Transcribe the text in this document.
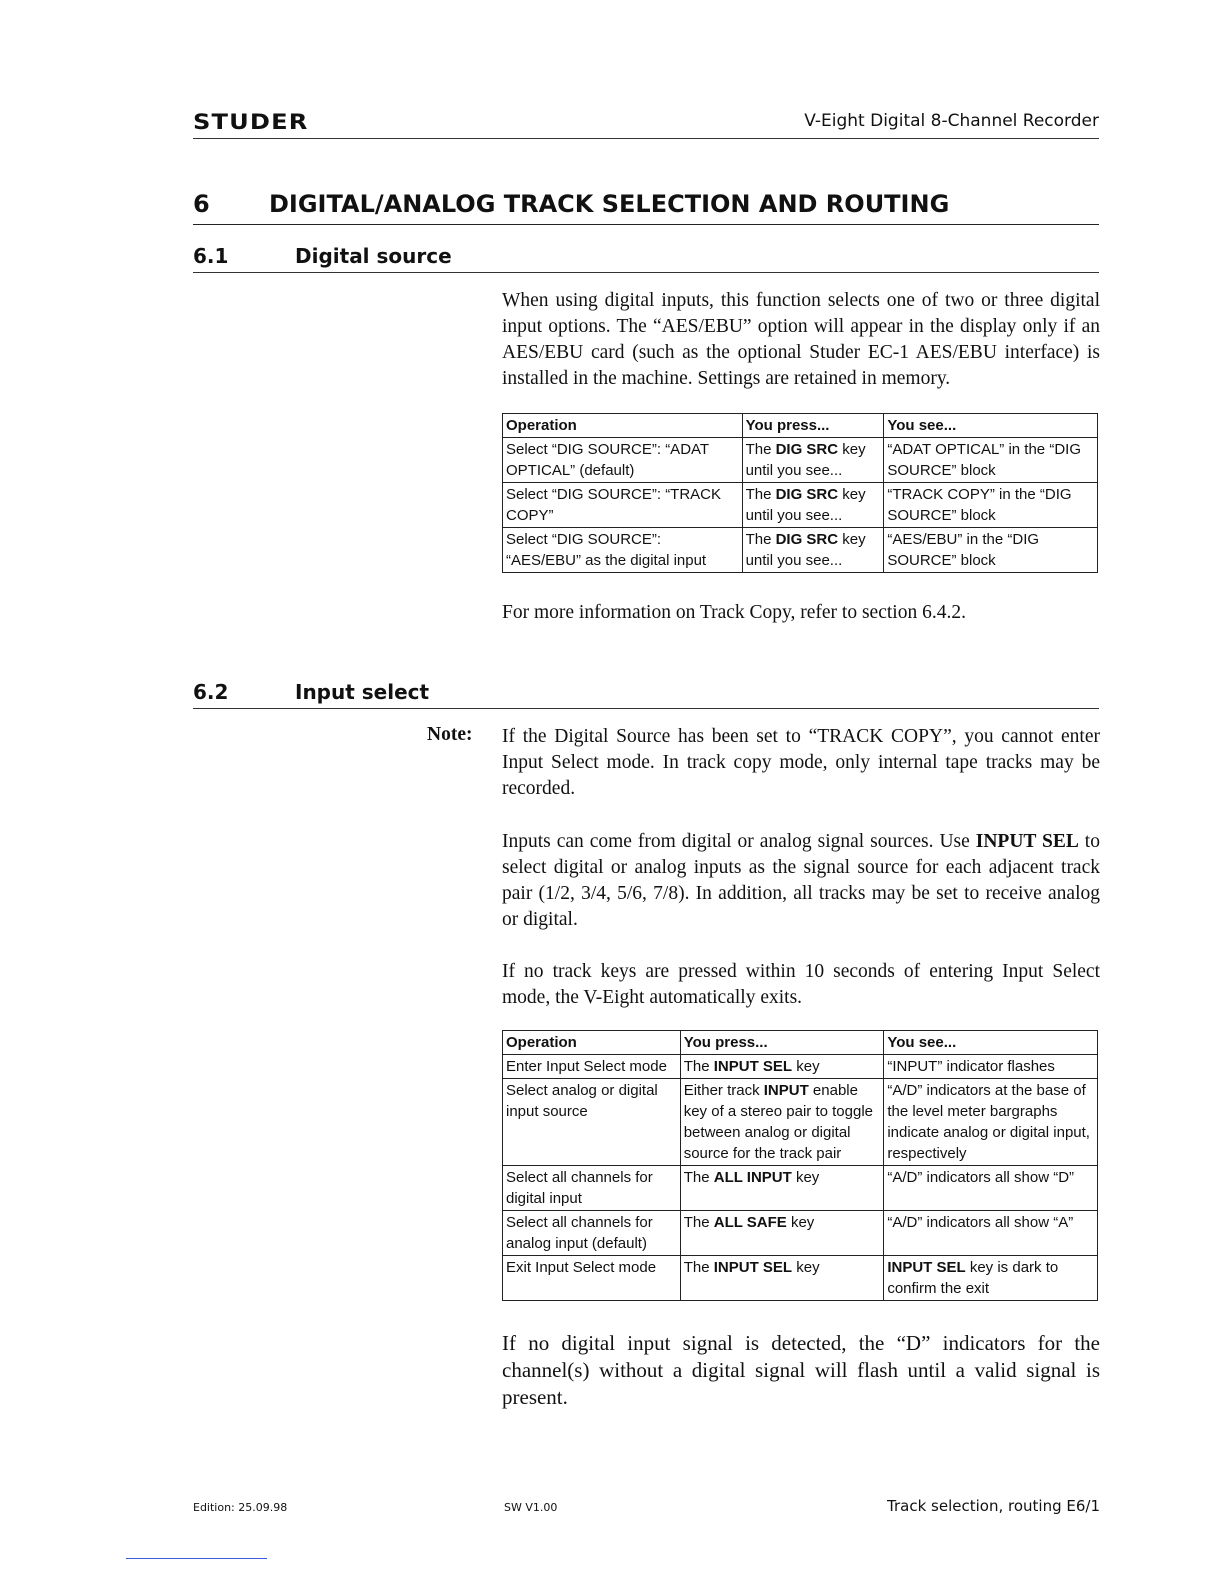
STUDER	V-Eight Digital 8-Channel Recorder
6 DIGITAL/ANALOG TRACK SELECTION AND ROUTING
6.1	Digital source
When using digital inputs, this function selects one of two or three digital input options. The “AES/EBU” option will appear in the display only if an AES/EBU card (such as the optional Studer EC-1 AES/EBU interface) is installed in the machine. Settings are retained in memory.
Operation	You press...	You see...
Select “DIG SOURCE”: “ADAT OPTICAL” (default)	The DIG SRC key until you see...	“ADAT OPTICAL” in the “DIG SOURCE” block
Select “DIG SOURCE”: “TRACK COPY”	The DIG SRC key until you see...	“TRACK COPY” in the “DIG SOURCE” block
Select “DIG SOURCE”: “AES/EBU” as the digital input	The DIG SRC key until you see...	“AES/EBU” in the “DIG SOURCE” block
For more information on Track Copy, refer to section 6.4.2.
6.2	Input select
Note: If the Digital Source has been set to “TRACK COPY”, you cannot enter Input Select mode. In track copy mode, only internal tape tracks may be recorded.
Inputs can come from digital or analog signal sources. Use INPUT SEL to select digital or analog inputs as the signal source for each adjacent track pair (1/2, 3/4, 5/6, 7/8). In addition, all tracks may be set to receive analog or digital.
If no track keys are pressed within 10 seconds of entering Input Select mode, the V-Eight automatically exits.
Operation	You press...	You see...
Enter Input Select mode	The INPUT SEL key	“INPUT” indicator flashes
Select analog or digital input source	Either track INPUT enable key of a stereo pair to toggle between analog or digital source for the track pair	“A/D” indicators at the base of the level meter bargraphs indicate analog or digital input, respectively
Select all channels for digital input	The ALL INPUT key	“A/D” indicators all show “D”
Select all channels for analog input (default)	The ALL SAFE key	“A/D” indicators all show “A”
Exit Input Select mode	The INPUT SEL key	INPUT SEL key is dark to confirm the exit
If no digital input signal is detected, the “D” indicators for the channel(s) without a digital signal will flash until a valid signal is present.
Edition: 25.09.98	SW V1.00	Track selection, routing E6/1
